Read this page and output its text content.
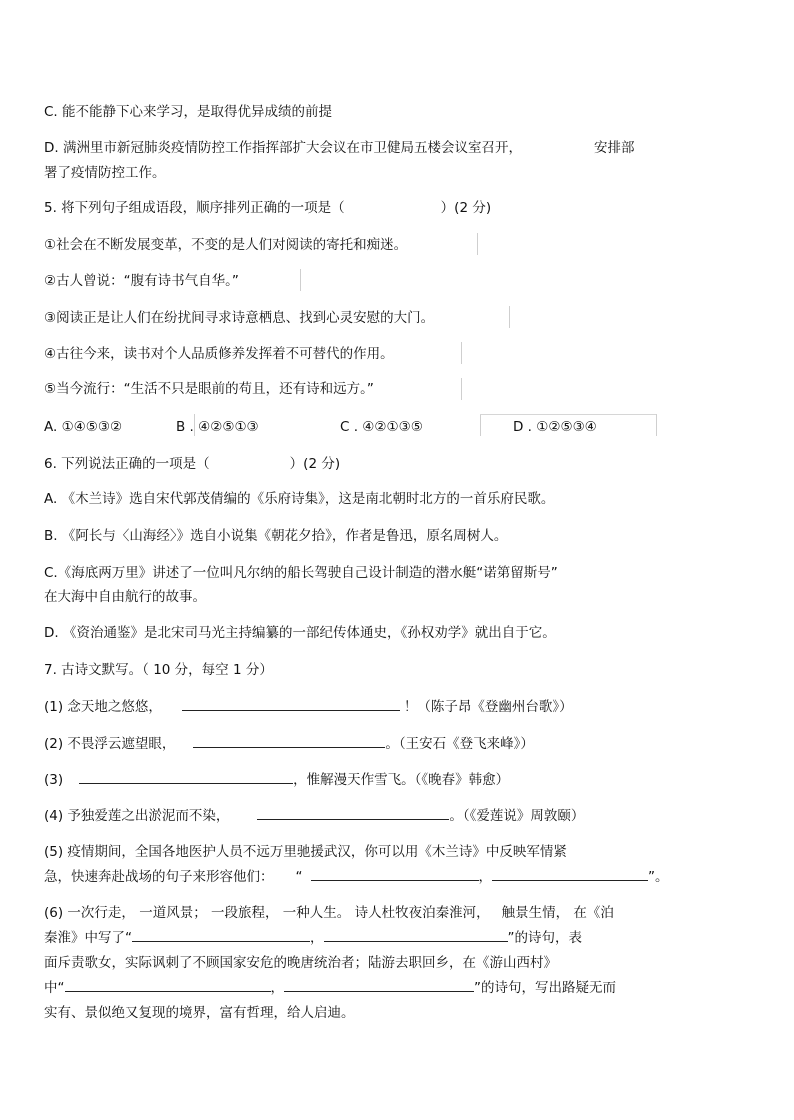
C. 能不能静下心来学习，是取得优异成绩的前提
D. 满洲里市新冠肺炎疫情防控工作指挥部扩大会议在市卫健局五楼会议室召开，	安排部
署了疫情防控工作。
5. 将下列句子组成语段，顺序排列正确的一项是（	）(2 分)
①社会在不断发展变革，不变的是人们对阅读的寄托和痴迷。
②古人曾说：“腹有诗书气自华。”
③阅读正是让人们在纷扰间寻求诗意栖息、找到心灵安慰的大门。
④古往今来，读书对个人品质修养发挥着不可替代的作用。
⑤当今流行：“生活不只是眼前的苟且，还有诗和远方。”
A. ①④⑤③②	B . ④②⑤①③	C . ④②①③⑤	D . ①②⑤③④
6. 下列说法正确的一项是（	）(2 分)
A. 《木兰诗》选自宋代郭茂倩编的《乐府诗集》，这是南北朝时北方的一首乐府民歌。
B. 《阿长与〈山海经〉》选自小说集《朝花夕拾》，作者是鲁迅，原名周树人。
C.《海底两万里》讲述了一位叫凡尔纳的船长驾驶自己设计制造的潜水艇“诺第留斯号”
在大海中自由航行的故事。
D. 《资治通鉴》是北宋司马光主持编纂的一部纪传体通史，《孙权劝学》就出自于它。
7. 古诗文默写。（ 10 分，每空 1 分）
(1) 念天地之悠悠，	！（陈子昂《登幽州台歌》）
(2) 不畏浮云遮望眼，	。（王安石《登飞来峰》）
(3)	，惟解漫天作雪飞。（《晚春》韩愈）
(4) 予独爱莲之出淤泥而不染，	。（《爱莲说》周敦颐）
(5) 疫情期间，全国各地医护人员不远万里驰援武汉，你可以用《木兰诗》中反映军情紧
急，快速奔赴战场的句子来形容他们： “	，	”。
(6) 一次行走， 一道风景； 一段旅程， 一种人生。 诗人杜牧夜泊秦淮河， 触景生情， 在《泊
秦淮》中写了“	，	”的诗句，表
面斥责歌女，实际讽刺了不顾国家安危的晚唐统治者；陆游去职回乡，在《游山西村》
中“	，	”的诗句，写出路疑无而
实有、景似绝又复现的境界，富有哲理，给人启迪。
